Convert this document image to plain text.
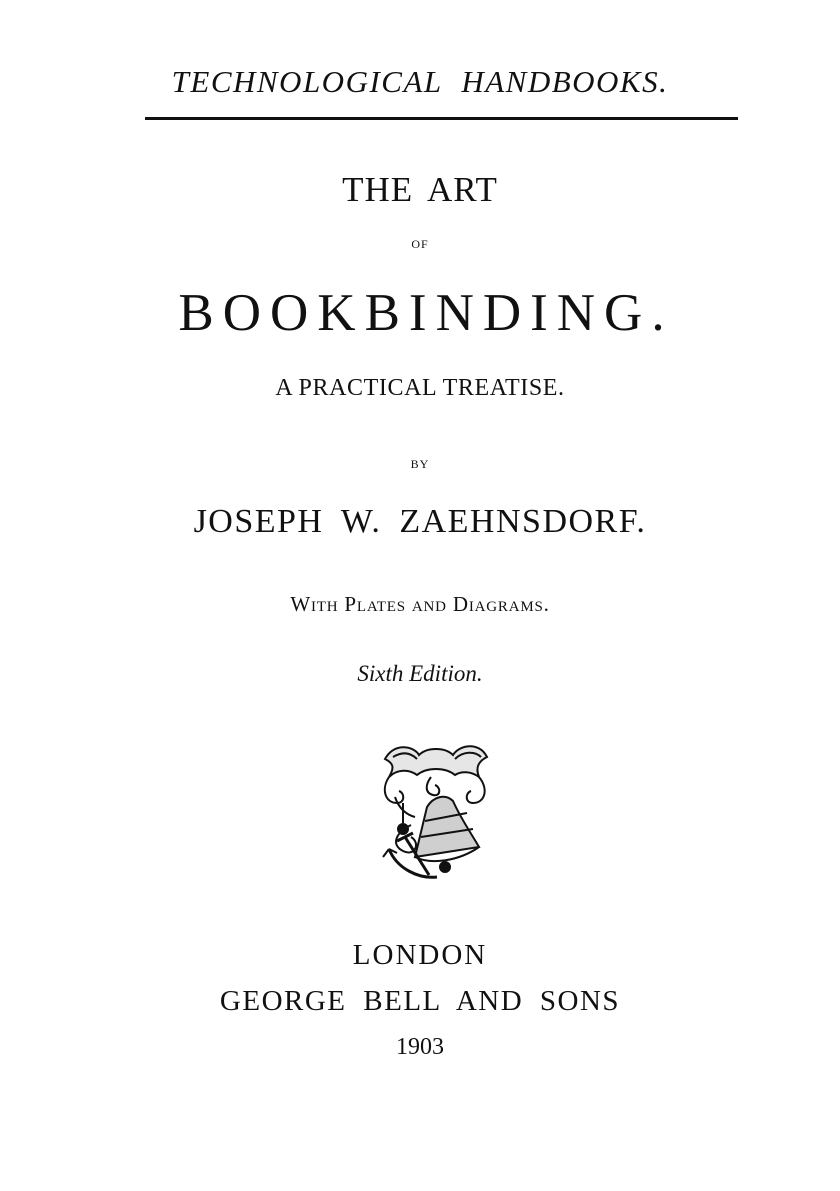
TECHNOLOGICAL HANDBOOKS.
THE ART
OF
BOOKBINDING.
A PRACTICAL TREATISE.
BY
JOSEPH W. ZAEHNSDORF.
With Plates and Diagrams.
Sixth Edition.
LONDON
GEORGE BELL AND SONS
1903
